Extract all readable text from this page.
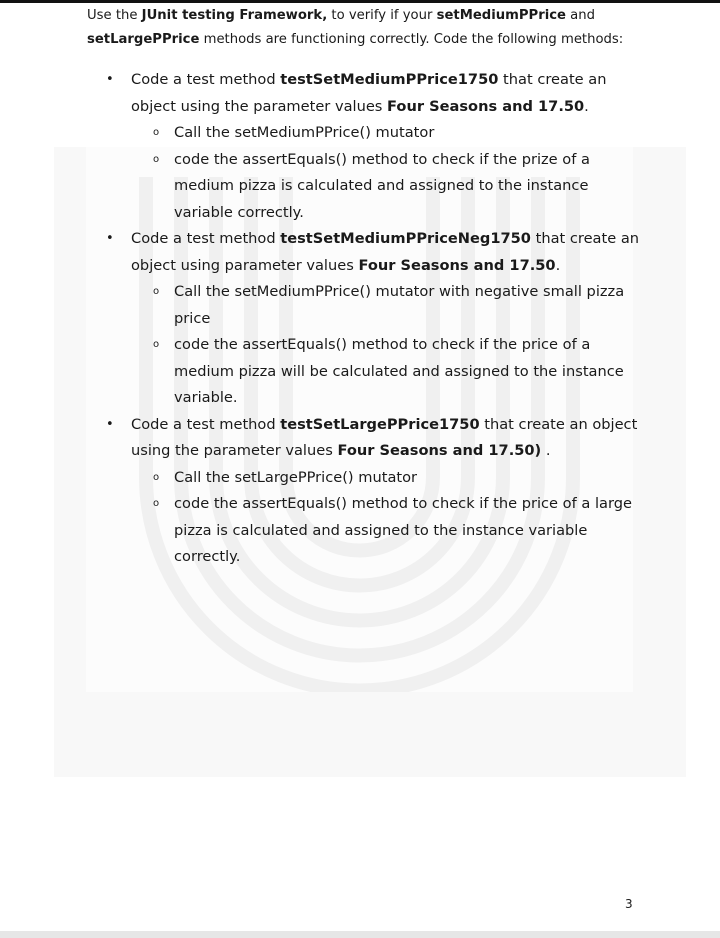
Use the JUnit testing Framework, to verify if your setMediumPPrice and setLargePPrice methods are functioning correctly. Code the following methods:
• Code a test method testSetMediumPPrice1750 that create an object using the parameter values Four Seasons and 17.50.
o	Call the setMediumPPrice() mutator
o	code the assertEquals() method to check if the prize of a medium pizza is calculated and assigned to the instance variable correctly.
• Code a test method testSetMediumPPriceNeg1750 that create an object using parameter values Four Seasons and 17.50.
o	Call the setMediumPPrice() mutator with negative small pizza price
o	code the assertEquals() method to check if the price of a medium pizza will be calculated and assigned to the instance variable.
• Code a test method testSetLargePPrice1750 that create an object using the parameter values Four Seasons and 17.50) .
o	Call the setLargePPrice() mutator
o	code the assertEquals() method to check if the price of a large pizza is calculated and assigned to the instance variable correctly.
3
